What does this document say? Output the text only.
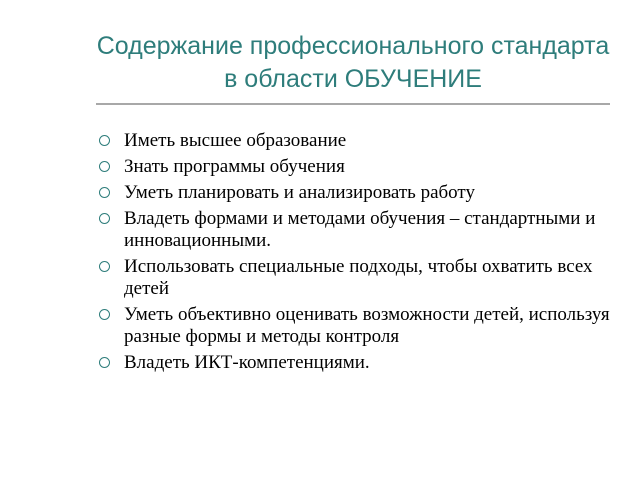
Содержание профессионального стандарта в области ОБУЧЕНИЕ
Иметь высшее образование
Знать программы обучения
Уметь планировать и анализировать работу
Владеть формами и методами обучения – стандартными и инновационными.
Использовать специальные подходы, чтобы охватить всех детей
Уметь объективно оценивать возможности детей, используя разные формы и методы контроля
Владеть ИКТ-компетенциями.
